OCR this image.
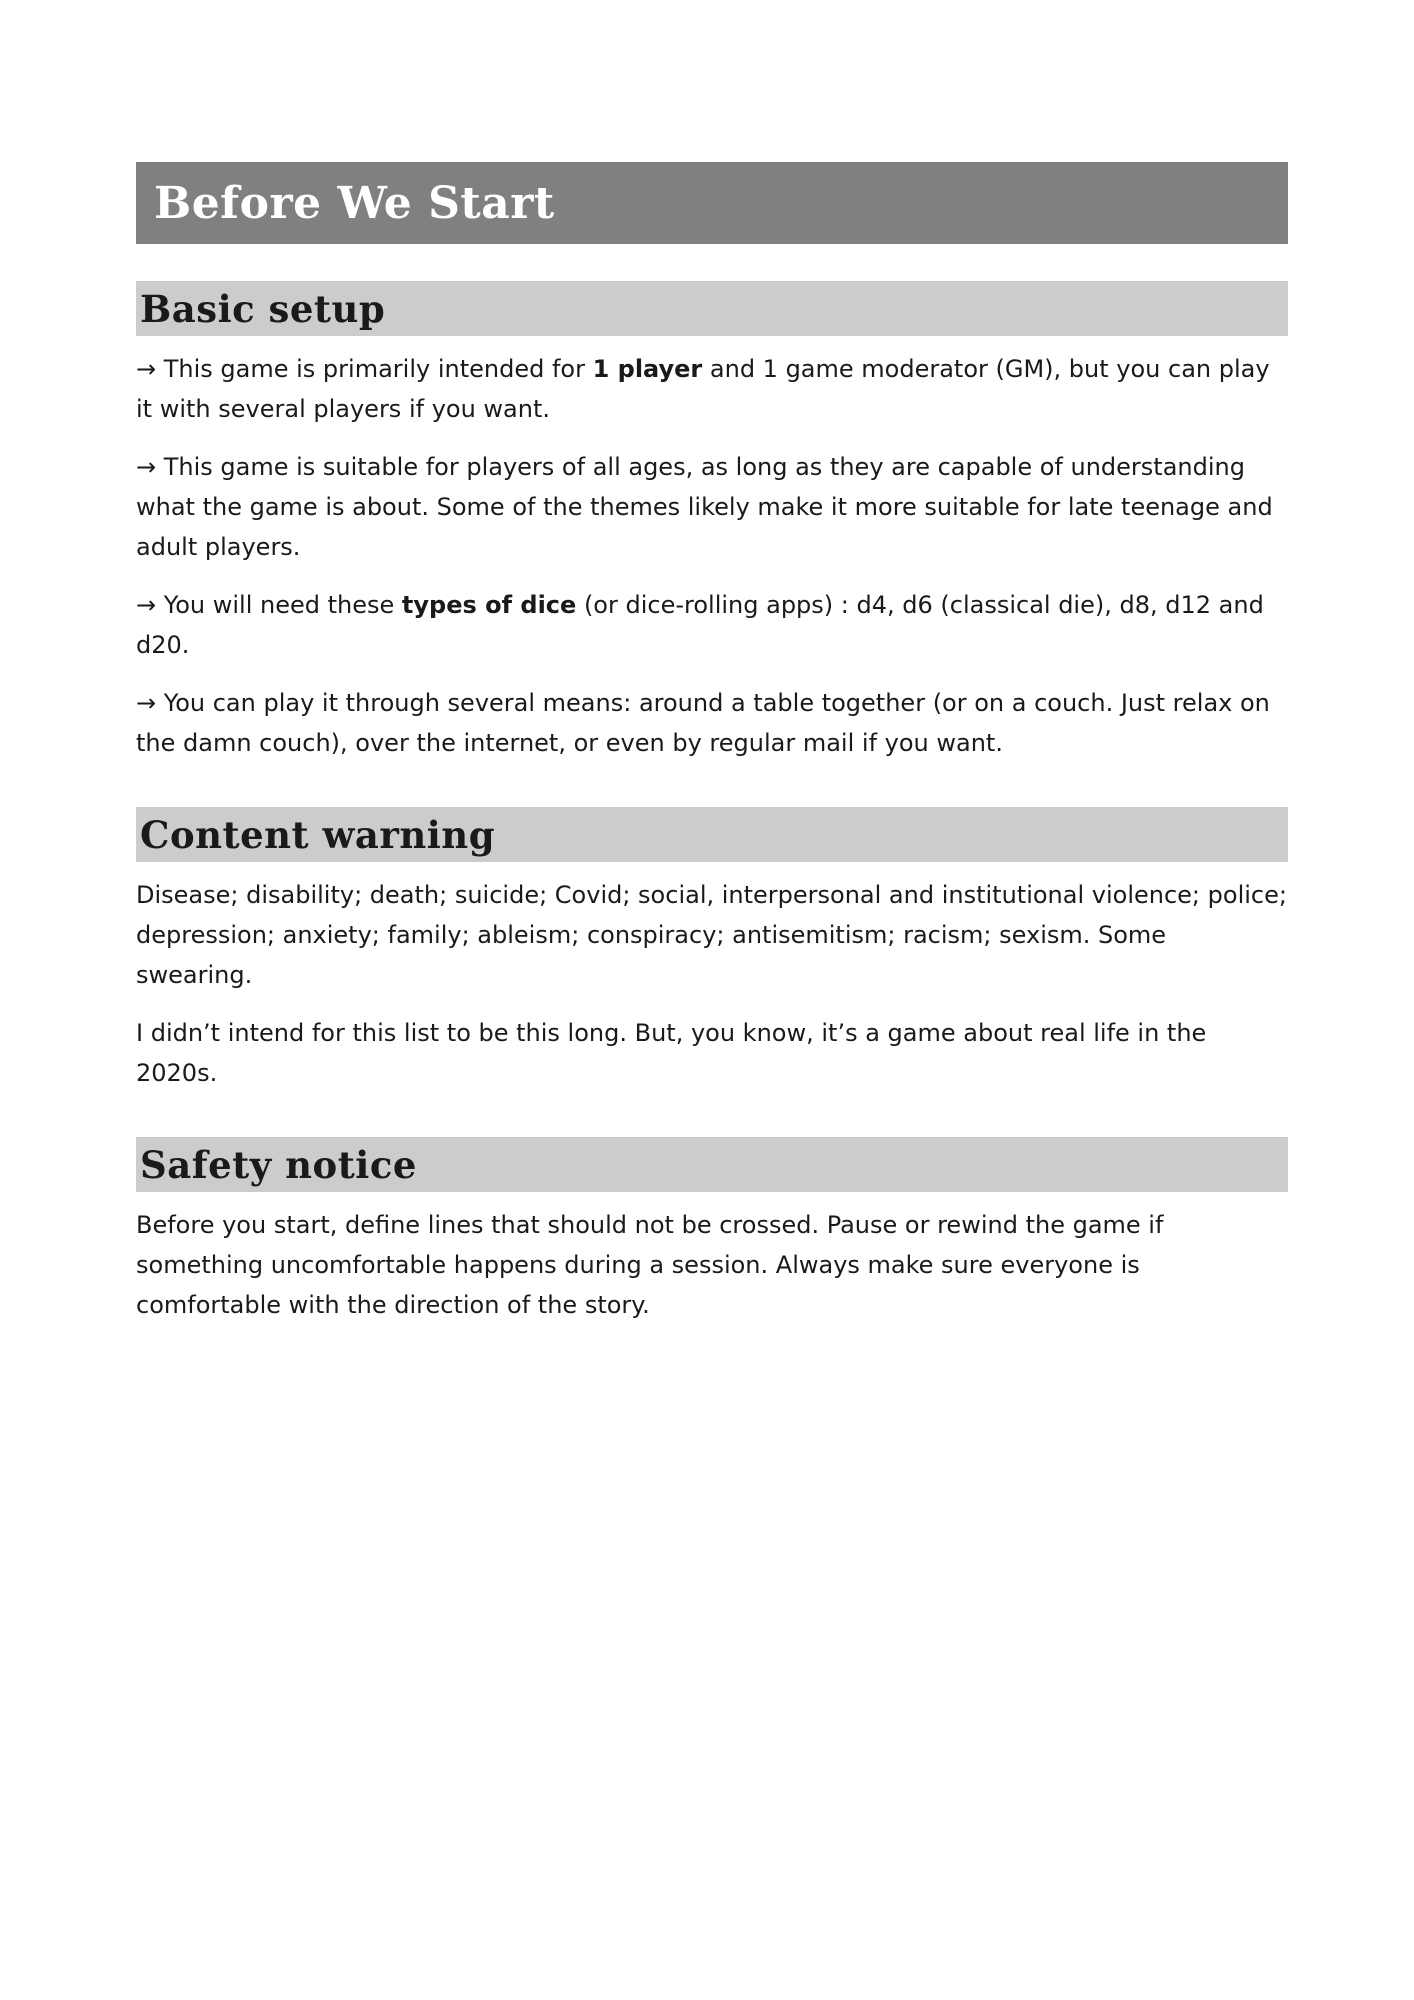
Before We Start
Basic setup

→ This game is primarily intended for 1 player and 1 game moderator (GM), but you can play it with several players if you want.

→ This game is suitable for players of all ages, as long as they are capable of understanding what the game is about. Some of the themes likely make it more suitable for late teenage and adult players.

→ You will need these types of dice (or dice-rolling apps) : d4, d6 (classical die), d8, d12 and d20.

→ You can play it through several means: around a table together (or on a couch. Just relax on the damn couch), over the internet, or even by regular mail if you want.

Content warning

Disease; disability; death; suicide; Covid; social, interpersonal and institutional violence; police; depression; anxiety; family; ableism; conspiracy; antisemitism; racism; sexism. Some swearing.

I didn’t intend for this list to be this long. But, you know, it’s a game about real life in the 2020s.

Safety notice

Before you start, define lines that should not be crossed. Pause or rewind the game if something uncomfortable happens during a session. Always make sure everyone is comfortable with the direction of the story.
